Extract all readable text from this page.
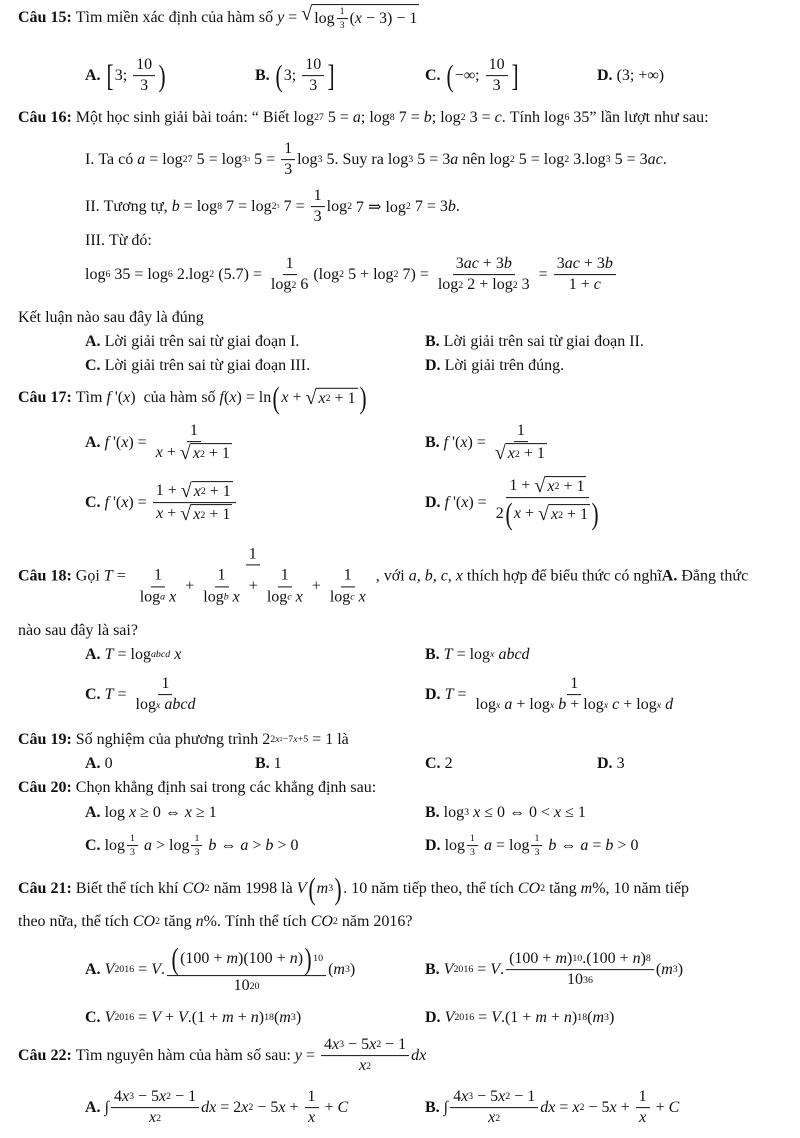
Câu 15: Tìm miền xác định của hàm số y = √ $\log \frac{1}{3}$ ( x − 3) − 1
A.
[ 3; $\frac{10}{3}$ )	B.
( 3; $\frac{10}{3}$ ]	C.
( −∞; $\frac{10}{3}$ ]	D. (3; +∞)
Câu 16: Một học sinh giải bài toán: “ Biết log 27 5 = a ; log 8 7 = b ; log 2 3 = c . Tính log 6 35” lần lượt như sau:
I. Ta có a = log 27 5 = log 3 3 $5 = \frac{1}{3}$ log 3 5. Suy ra log 3 5 = 3 a nên log 2 5 = log 2 3.log 3 5 = 3 ac .
II. Tương tự, b = log 8 7 = log 2 3 $7 = \frac{1}{3}$ log 2 7 ⇒ log 2 7 = 3 b .
III. Từ đó:
log 6 35 = log 6 2.log 2 $(5.7) = \frac{1}{\log 2 6} (\log$ 2 5 + log 2 $7) = \frac{3 ac + 3 b}{\log 2 2 + \log 2 3} = \frac{3 ac + 3 b}{1 + c}$
Kết luận nào sau đây là đúng
A. Lời giải trên sai từ giai đoạn I.	B. Lời giải trên sai từ giai đoạn II.
C. Lời giải trên sai từ giai đoạn III.	D. Lời giải trên đúng.
Câu 17: Tìm f '( x )  của hàm số f ( x ) = ln ( x + √ x 2 + 1 )
A.
f '( x ) = $\frac{1}{x + √ x 2 + 1}$	B.
f '( x ) = $\frac{1}{√ x 2 + 1}$
C.
f '( x ) = $\frac{1 + √ x 2 + 1}{x + √ x 2 + 1}$	D.
f '( x ) = $\frac{1 + √ x 2 + 1}{2 ( x + √ x 2 + 1 )}$
Câu 18: Gọi T = 1
1
log a
x + 1
log b
x + 1
log c
x + 1
log c
x , với a, b, c, x thích hợp để biểu thức có nghĩ A. Đẳng thức
nào sau đây là sai?
A.
T = log abcd
x	B.
T = log x
abcd
C.
T = 1
log x
abcd	D.
T = 1
log x
a + log x
b + log x
c + log x
d
Câu 19: Số nghiệm của phương trình 2 2 x 2 −7 x +5 = 1 là
A. 0	B. 1	C. 2	D. 3
Câu 20: Chọn khẳng định sai trong các khẳng định sau:
A. log x ≥ 0 ⇔ x ≥ 1	B. log 3
x ≤ 0 ⇔ 0 < x ≤ 1
C. $\log \frac{1}{3}$
$a > \log \frac{1}{3}$
b ⇔ a > b > 0	D. $\log \frac{1}{3}$
$a = \log \frac{1}{3}$
b ⇔ a = b > 0
Câu 21: Biết thể tích khí CO 2 năm 1998 là V ( m 3 ) . 10 năm tiếp theo, thể tích CO 2 tăng m %, 10 năm tiếp
theo nữa, thể tích CO 2 tăng n %. Tính thể tích CO 2 năm 2016?
A.
V 2016 = V . $\frac{( (100 + m )(100 + n ) ) 10}{10 20}$ ( m 3 )	B.
V 2016 = V . $\frac{(100 + m ) 10 .(100 + n ) 8}{10 36}$ ( m 3 )
C.
V 2016 = V + V .(1 + m + n ) 18 ( m 3 )	D.
V 2016 = V .(1 + m + n ) 18 ( m 3 )
Câu 22: Tìm nguyên hàm của hàm số sau: $y = \frac{4 x 3 - 5 x 2 - 1}{x 2}$ dx
A. ∫ $\frac{4 x 3 - 5 x 2 - 1}{x 2}$ dx = 2 x 2 − 5 $x + \frac{1}{x} + C$	B. ∫ $\frac{4 x 3 - 5 x 2 - 1}{x 2}$ dx = x 2 − 5 $x + \frac{1}{x} + C$
